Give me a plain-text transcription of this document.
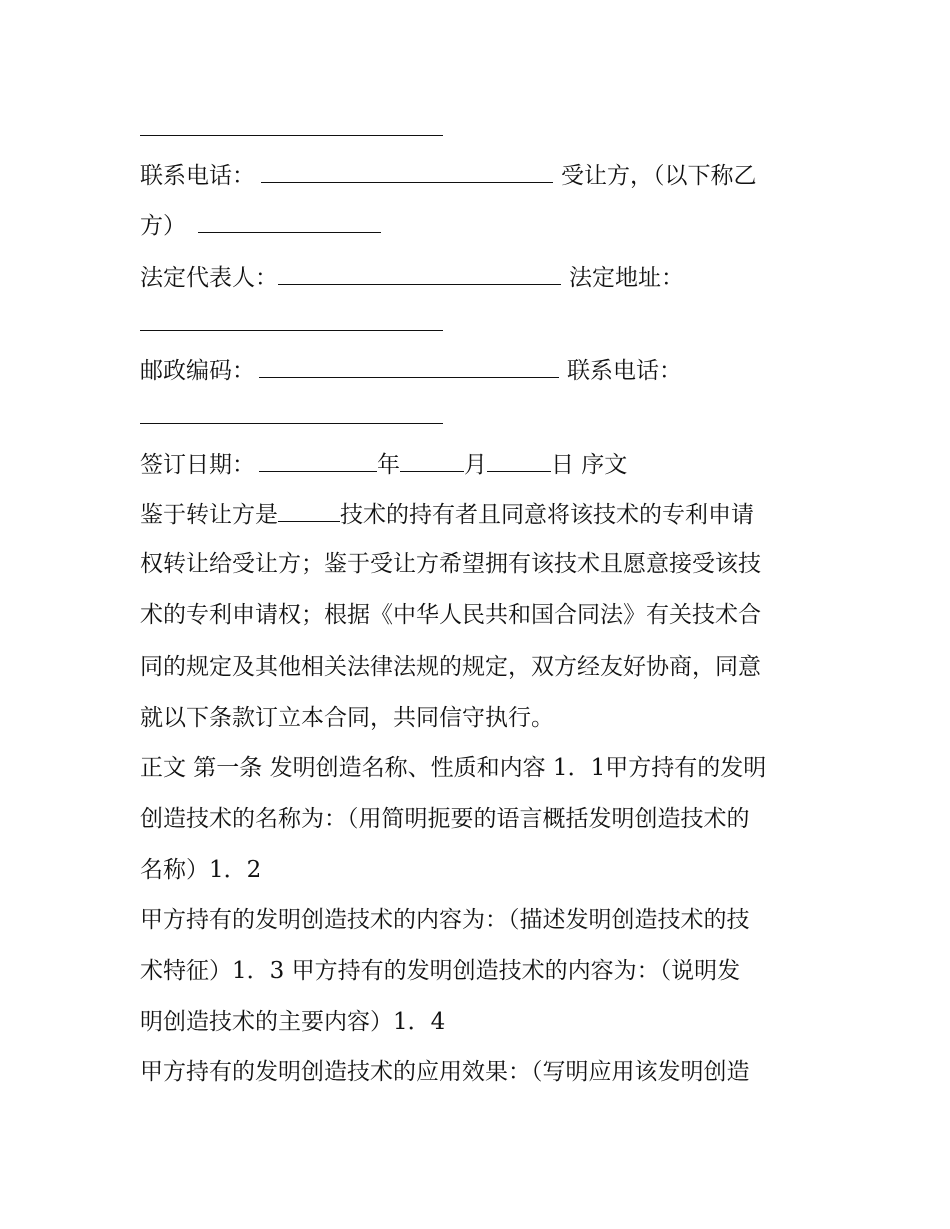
联系电话：	受让方，（以下称乙
方）
法定代表人：	法定地址：
邮政编码：	联系电话：
签订日期：	年	月	日 序文
鉴于转让方是	技术的持有者且同意将该技术的专利申请
权转让给受让方；鉴于受让方希望拥有该技术且愿意接受该技
术的专利申请权；根据《中华人民共和国合同法》有关技术合
同的规定及其他相关法律法规的规定，双方经友好协商，同意
就以下条款订立本合同，共同信守执行。
正文 第一条 发明创造名称、性质和内容 1．1甲方持有的发明
创造技术的名称为：（用简明扼要的语言概括发明创造技术的
名称）1．2
甲方持有的发明创造技术的内容为：（描述发明创造技术的技
术特征）1．3 甲方持有的发明创造技术的内容为：（说明发
明创造技术的主要内容）1．4
甲方持有的发明创造技术的应用效果：（写明应用该发明创造
